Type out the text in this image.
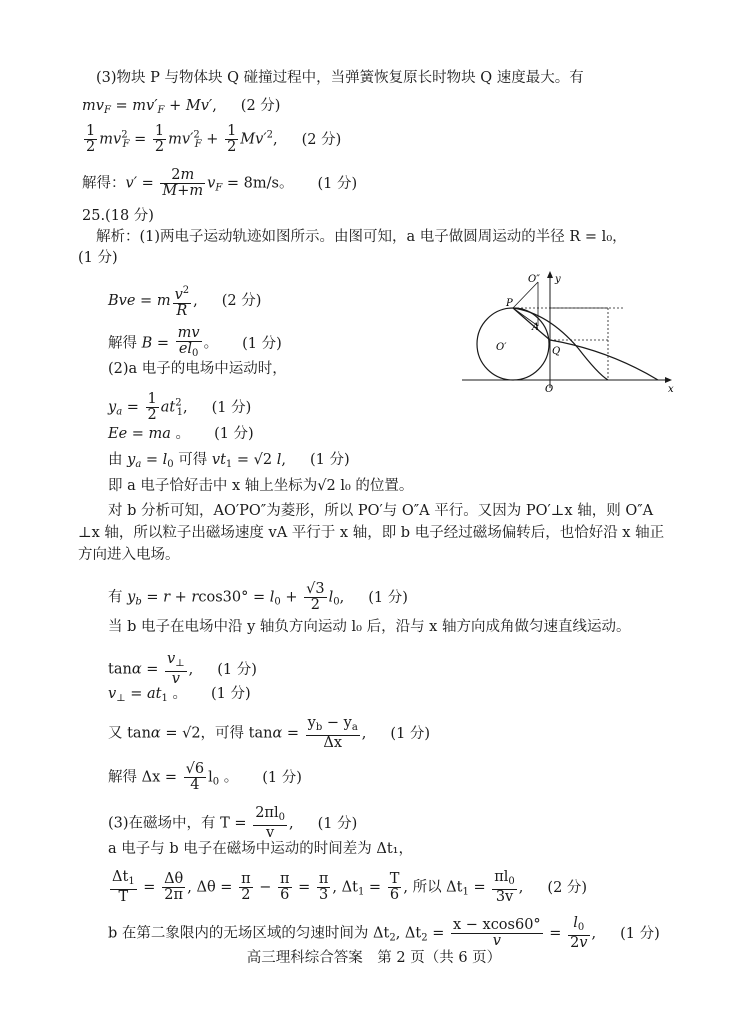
(3)物块 P 与物体块 Q 碰撞过程中，当弹簧恢复原长时物块 Q 速度最大。有
$mv_F = mv'_F + Mv'$, (2 分)
$\frac{1}{2} mv^2_F = \frac{1}{2} mv'^2_F + \frac{1}{2} Mv'^2$, (2 分)
解得：$v' = \frac{2m}{M+m} v_F = 8m/s$。 (1 分)
25.(18 分)
解析：(1)两电子运动轨迹如图所示。由图可知，a 电子做圆周运动的半径 R = l₀，
(1 分)
Bve = m $\frac{v^2}{R}$ , (2 分)
解得 $B = \frac{mv}{el_0}$ 。 (1 分)
(2)a 电子的电场中运动时，
$y_a = \frac{1}{2} at^2_1$, (1 分)
Ee = ma 。 (1 分)
由 $y_a = l_0$ 可得 $vt_1 = √2$ l, (1 分)
即 a 电子恰好击中 x 轴上坐标为√2 l₀ 的位置。
对 b 分析可知，AO′PO″为菱形，所以 PO′与 O″A 平行。又因为 PO′⊥x 轴，则 O″A
⊥x 轴，所以粒子出磁场速度 vA 平行于 x 轴，即 b 电子经过磁场偏转后，也恰好沿 x 轴正
方向进入电场。
有 $y_b = r + rcos30^\circ = l_0 + \frac{√3}{2} l_0$, (1 分)
当 b 电子在电场中沿 y 轴负方向运动 l₀ 后，沿与 x 轴方向成角做匀速直线运动。
$\tan\alpha = \frac{v_\perp}{v}$ , (1 分)
$v_\perp = at_1$ 。 (1 分)
又 tanα = √2，可得 $\tan\alpha = \frac{y_b - y_a}{\Delta x}$ , (1 分)
解得 $\Delta x = \frac{√6}{4} l_0$ 。 (1 分)
(3)在磁场中，有 $T = \frac{2\pi l_0}{v}$ , (1 分)
a 电子与 b 电子在磁场中运动的时间差为 Δt₁，
$\frac{\Delta t_1}{T} = \frac{\Delta\theta}{2\pi}$ , $\Delta\theta = \frac{\pi}{2} - \frac{\pi}{6} = \frac{\pi}{3}$ , $\Delta t_1 = \frac{T}{6}$ , 所以 $\Delta t_1 = \frac{\pi l_0}{3v}$ , (2 分)
b 在第二象限内的无场区域的匀速时间为 $\Delta t_2$, $\Delta t_2 = \frac{x - xcos60^\circ}{v} = \frac{l_0}{2v}$ , (1 分)
O″ y
P
A
O′	Q
O	x
高三理科综合答案　第 2 页（共 6 页）
